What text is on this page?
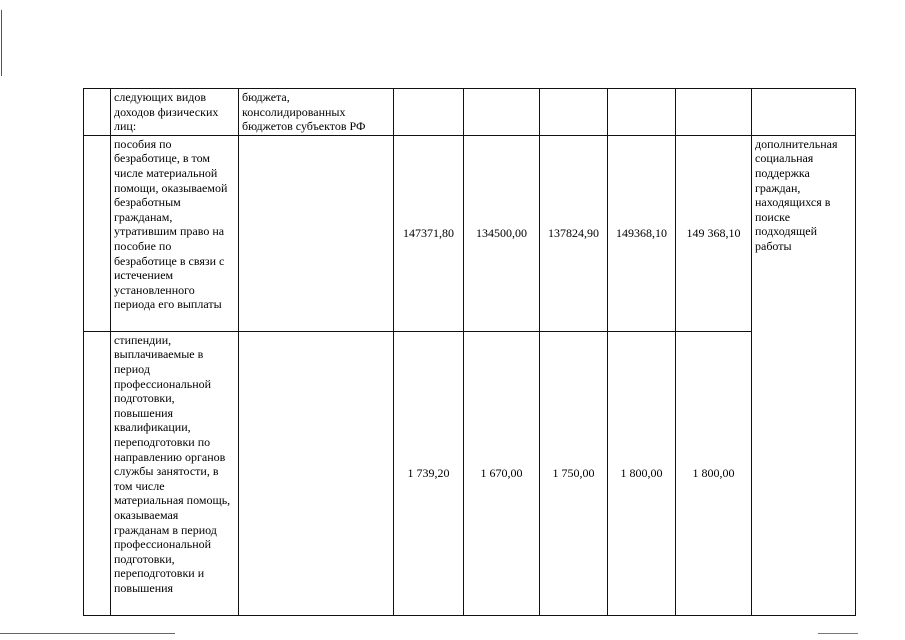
	следующих видов доходов физических лиц:	бюджета, консолидированных бюджетов субъектов РФ						

	пособия по безработице, в том числе материальной помощи, оказываемой безработным гражданам, утратившим право на пособие по безработице в связи с истечением установленного периода его выплаты		147371,80	134500,00	137824,90	149368,10	149 368,10	дополнительная социальная поддержка граждан, находящихся в поиске подходящей работы

	стипендии, выплачиваемые в период профессиональной подготовки, повышения квалификации, переподготовки по направлению органов службы занятости, в том числе материальная помощь, оказываемая гражданам в период профессиональной подготовки, переподготовки и повышения		1 739,20	1 670,00	1 750,00	1 800,00	1 800,00	
